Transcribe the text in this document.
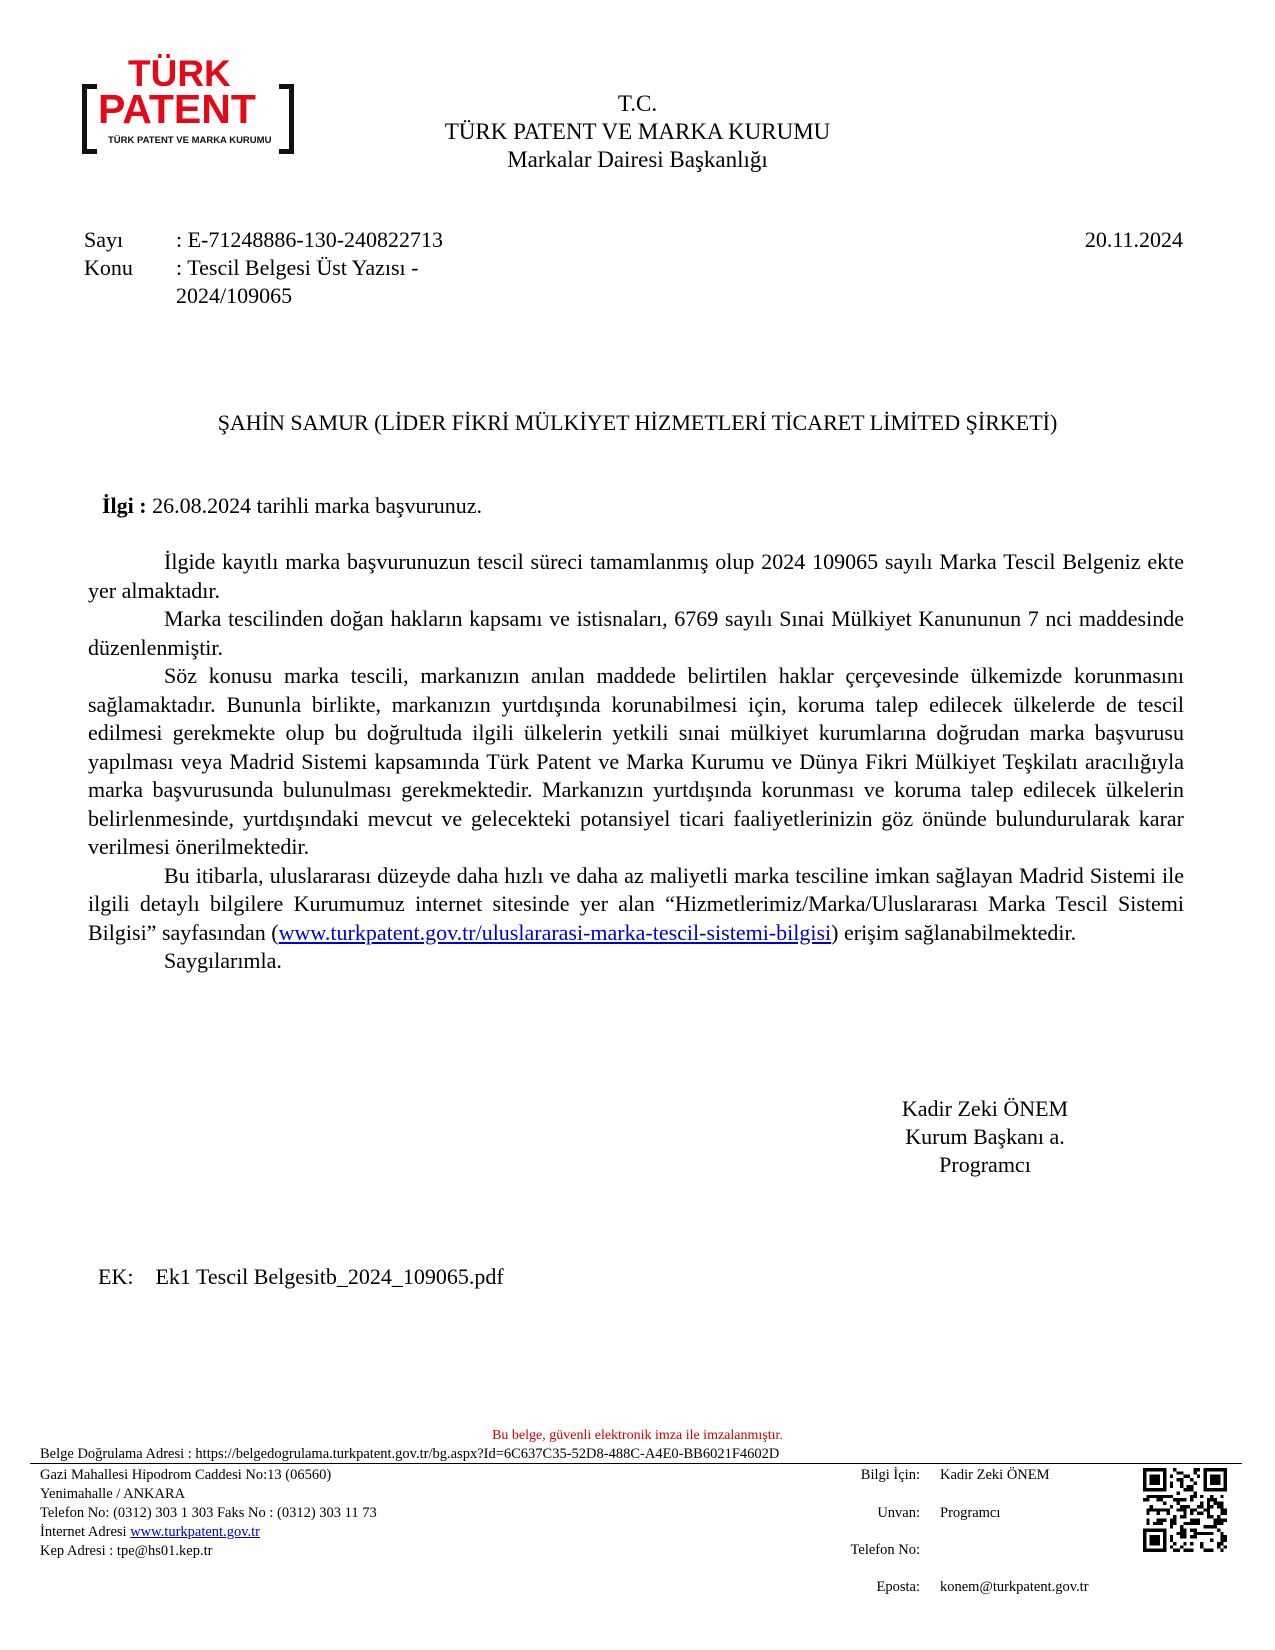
TÜRK
PATENT
TÜRK PATENT VE MARKA KURUMU
T.C.
TÜRK PATENT VE MARKA KURUMU
Markalar Dairesi Başkanlığı
Sayı : E-71248886-130-240822713	20.11.2024
Konu : Tescil Belgesi Üst Yazısı -
2024/109065
ŞAHİN SAMUR (LİDER FİKRİ MÜLKİYET HİZMETLERİ TİCARET LİMİTED ŞİRKETİ)
İlgi : 26.08.2024 tarihli marka başvurunuz.

İlgide kayıtlı marka başvurunuzun tescil süreci tamamlanmış olup 2024 109065 sayılı Marka Tescil Belgeniz ekte yer almaktadır.

Marka tescilinden doğan hakların kapsamı ve istisnaları, 6769 sayılı Sınai Mülkiyet Kanununun 7 nci maddesinde düzenlenmiştir.

Söz konusu marka tescili, markanızın anılan maddede belirtilen haklar çerçevesinde ülkemizde korunmasını sağlamaktadır. Bununla birlikte, markanızın yurtdışında korunabilmesi için, koruma talep edilecek ülkelerde de tescil edilmesi gerekmekte olup bu doğrultuda ilgili ülkelerin yetkili sınai mülkiyet kurumlarına doğrudan marka başvurusu yapılması veya Madrid Sistemi kapsamında Türk Patent ve Marka Kurumu ve Dünya Fikri Mülkiyet Teşkilatı aracılığıyla marka başvurusunda bulunulması gerekmektedir. Markanızın yurtdışında korunması ve koruma talep edilecek ülkelerin belirlenmesinde, yurtdışındaki mevcut ve gelecekteki potansiyel ticari faaliyetlerinizin göz önünde bulundurularak karar verilmesi önerilmektedir.

Bu itibarla, uluslararası düzeyde daha hızlı ve daha az maliyetli marka tesciline imkan sağlayan Madrid Sistemi ile ilgili detaylı bilgilere Kurumumuz internet sitesinde yer alan “Hizmetlerimiz/Marka/Uluslararası Marka Tescil Sistemi Bilgisi” sayfasından (www.turkpatent.gov.tr/uluslararasi-marka-tescil-sistemi-bilgisi) erişim sağlanabilmektedir.

Saygılarımla.

Kadir Zeki ÖNEM
Kurum Başkanı a.
Programcı
EK: Ek1 Tescil Belgesitb_2024_109065.pdf
Bu belge, güvenli elektronik imza ile imzalanmıştır.
Belge Doğrulama Adresi : https://belgedogrulama.turkpatent.gov.tr/bg.aspx?Id=6C637C35-52D8-488C-A4E0-BB6021F4602D
Gazi Mahallesi Hipodrom Caddesi No:13 (06560)
Yenimahalle / ANKARA
Telefon No: (0312) 303 1 303 Faks No : (0312) 303 11 73
İnternet Adresi www.turkpatent.gov.tr
Kep Adresi : tpe@hs01.kep.tr
Bilgi İçin: Kadir Zeki ÖNEM
Unvan: Programcı
Telefon No:
Eposta: konem@turkpatent.gov.tr
